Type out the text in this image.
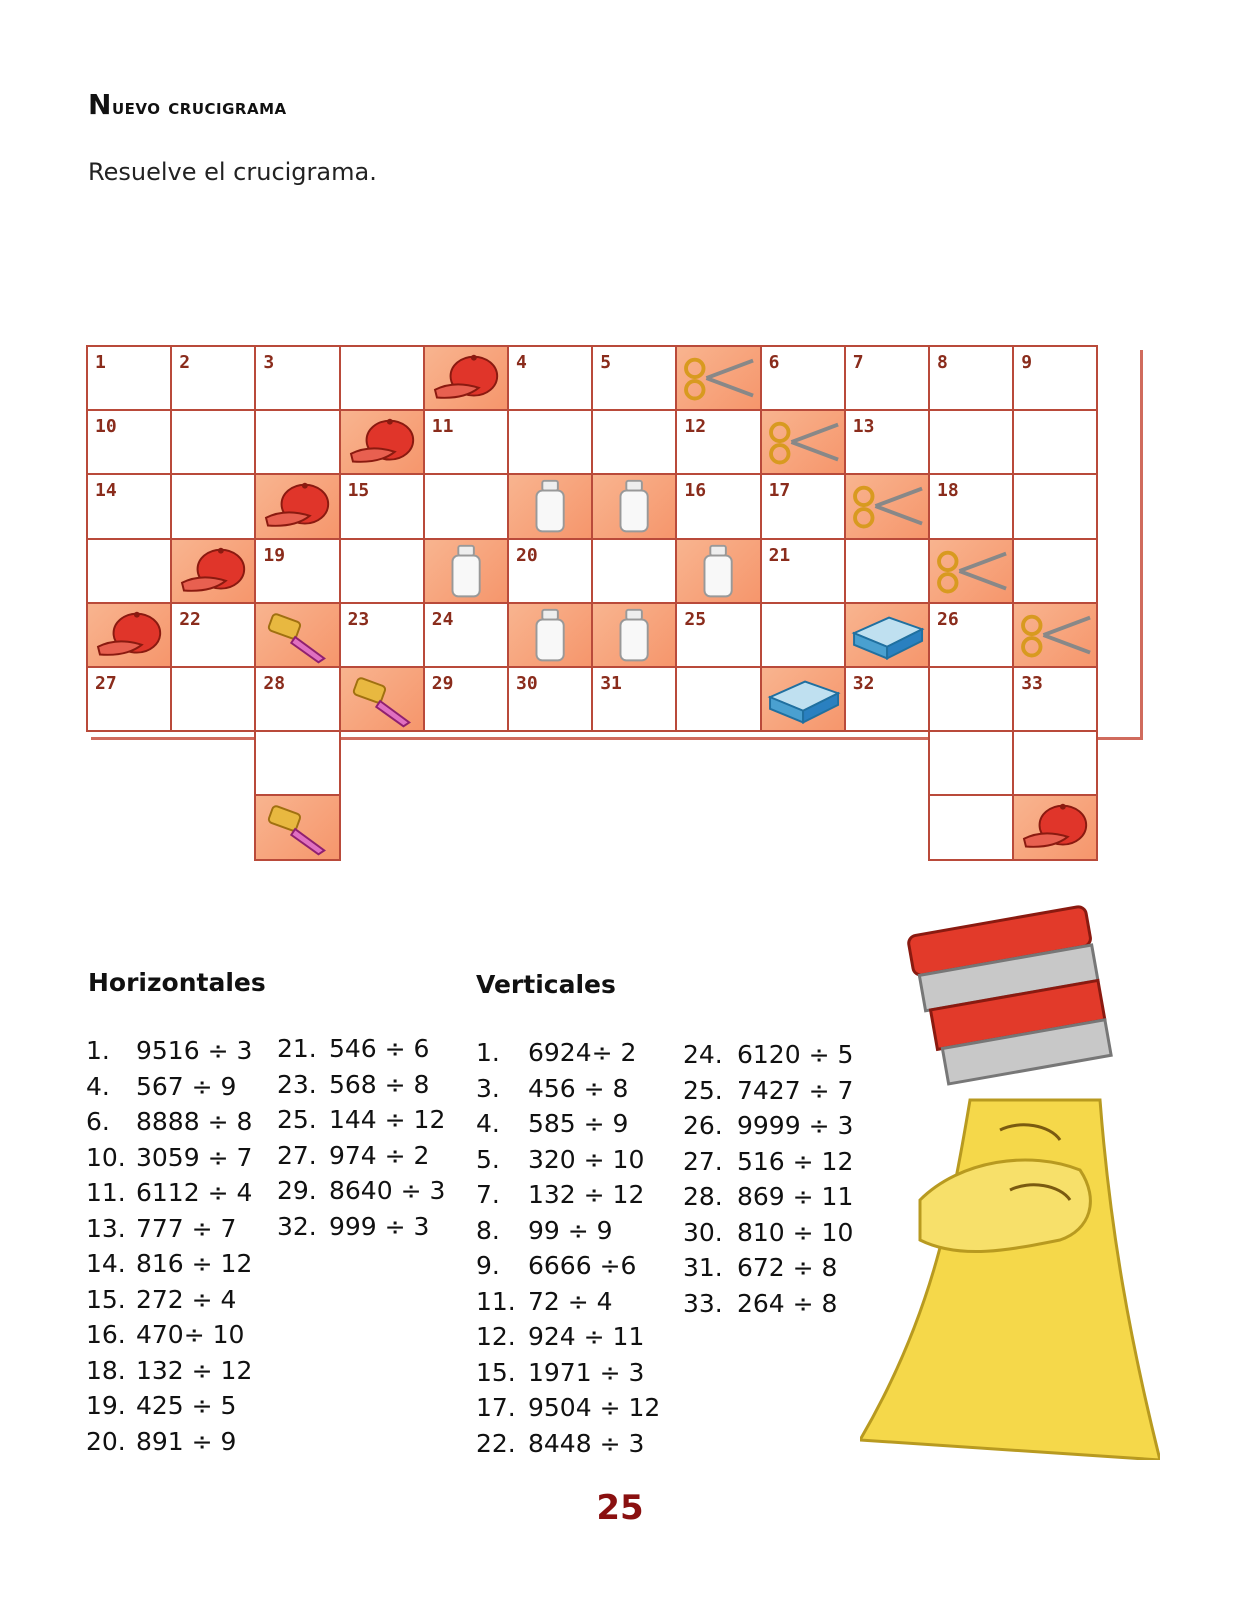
Nuevo crucigrama
Resuelve el crucigrama.
1	2	3	4	5	6	7	8	9
10	11	12	13
14	15	16	17	18
19	20	21
22	23	24	25	26
27	28	29	30	31	32	33
Horizontales	Verticales
1. 9516 ÷ 3
4. 567 ÷ 9
6. 8888 ÷ 8
10. 3059 ÷ 7
11. 6112 ÷ 4
13. 777 ÷ 7
14. 816 ÷ 12
15. 272 ÷ 4
16. 470÷ 10
18. 132 ÷ 12
19. 425 ÷ 5
20. 891 ÷ 9
21. 546 ÷ 6
23. 568 ÷ 8
25. 144 ÷ 12
27. 974 ÷ 2
29. 8640 ÷ 3
32. 999 ÷ 3
1. 6924÷ 2
3. 456 ÷ 8
4. 585 ÷ 9
5. 320 ÷ 10
7. 132 ÷ 12
8. 99 ÷ 9
9. 6666 ÷6
11. 72 ÷ 4
12. 924 ÷ 11
15. 1971 ÷ 3
17. 9504 ÷ 12
22. 8448 ÷ 3
24. 6120 ÷ 5
25. 7427 ÷ 7
26. 9999 ÷ 3
27. 516 ÷ 12
28. 869 ÷ 11
30. 810 ÷ 10
31. 672 ÷ 8
33. 264 ÷ 8
25
